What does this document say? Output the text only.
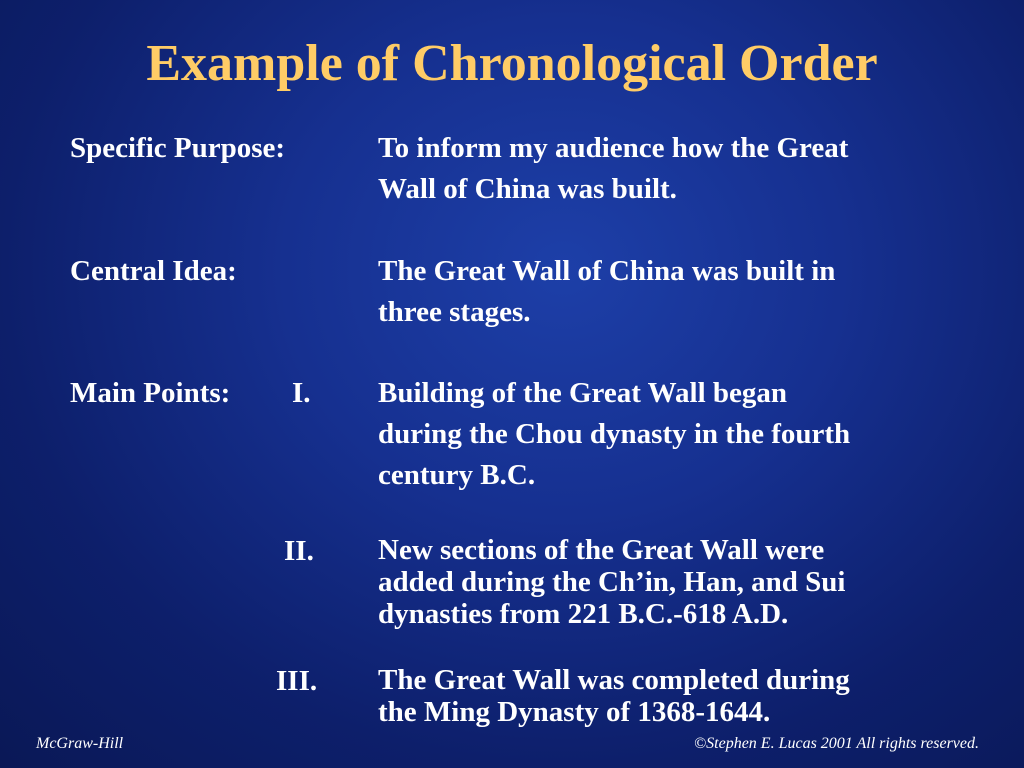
Example of Chronological Order
Specific Purpose:	To inform my audience how the Great
Wall of China was built.
Central Idea:	The Great Wall of China was built in
three stages.
Main Points: I. Building of the Great Wall began
during the Chou dynasty in the fourth
century B.C.
II. New sections of the Great Wall were
added during the Ch’in, Han, and Sui
dynasties from 221 B.C.-618 A.D.
III. The Great Wall was completed during
the Ming Dynasty of 1368-1644.
McGraw-Hill	©Stephen E. Lucas 2001 All rights reserved.
